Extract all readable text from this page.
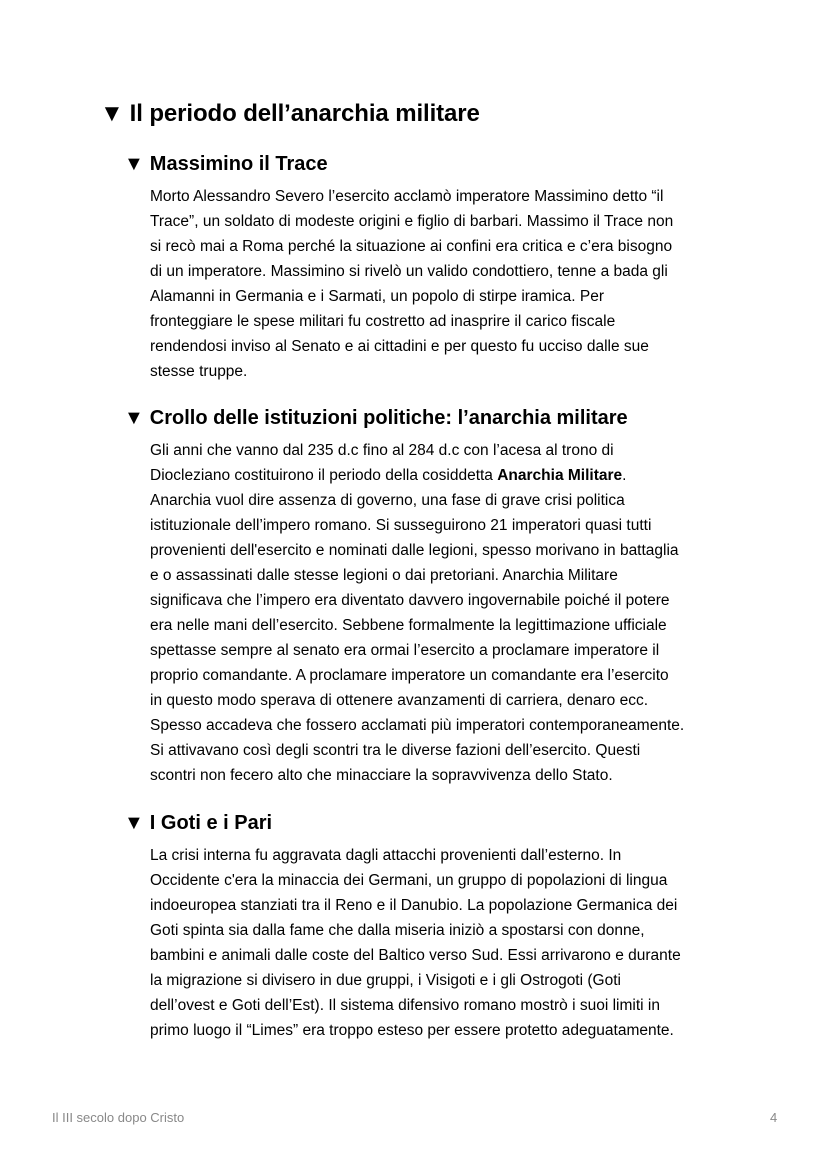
▼ Il periodo dell’anarchia militare
▼ Massimino il Trace

Morto Alessandro Severo l’esercito acclamò imperatore Massimino detto “il
Trace”, un soldato di modeste origini e figlio di barbari. Massimo il Trace non
si recò mai a Roma perché la situazione ai confini era critica e c’era bisogno
di un imperatore. Massimino si rivelò un valido condottiero, tenne a bada gli
Alamanni in Germania e i Sarmati, un popolo di stirpe iramica. Per
fronteggiare le spese militari fu costretto ad inasprire il carico fiscale
rendendosi inviso al Senato e ai cittadini e per questo fu ucciso dalle sue
stesse truppe.

▼ Crollo delle istituzioni politiche: l’anarchia militare

Gli anni che vanno dal 235 d.c fino al 284 d.c con l’acesa al trono di
Diocleziano costituirono il periodo della cosiddetta Anarchia Militare.
Anarchia vuol dire assenza di governo, una fase di grave crisi politica
istituzionale dell’impero romano. Si susseguirono 21 imperatori quasi tutti
provenienti dell'esercito e nominati dalle legioni, spesso morivano in battaglia
e o assassinati dalle stesse legioni o dai pretoriani. Anarchia Militare
significava che l’impero era diventato davvero ingovernabile poiché il potere
era nelle mani dell’esercito. Sebbene formalmente la legittimazione ufficiale
spettasse sempre al senato era ormai l’esercito a proclamare imperatore il
proprio comandante. A proclamare imperatore un comandante era l’esercito
in questo modo sperava di ottenere avanzamenti di carriera, denaro ecc.
Spesso accadeva che fossero acclamati più imperatori contemporaneamente.
Si attivavano così degli scontri tra le diverse fazioni dell’esercito. Questi
scontri non fecero alto che minacciare la sopravvivenza dello Stato.

▼ I Goti e i Pari

La crisi interna fu aggravata dagli attacchi provenienti dall’esterno. In
Occidente c'era la minaccia dei Germani, un gruppo di popolazioni di lingua
indoeuropea stanziati tra il Reno e il Danubio. La popolazione Germanica dei
Goti spinta sia dalla fame che dalla miseria iniziò a spostarsi con donne,
bambini e animali dalle coste del Baltico verso Sud. Essi arrivarono e durante
la migrazione si divisero in due gruppi, i Visigoti e i gli Ostrogoti (Goti
dell’ovest e Goti dell’Est). Il sistema difensivo romano mostrò i suoi limiti in
primo luogo il “Limes” era troppo esteso per essere protetto adeguatamente.

Il III secolo dopo Cristo	4
